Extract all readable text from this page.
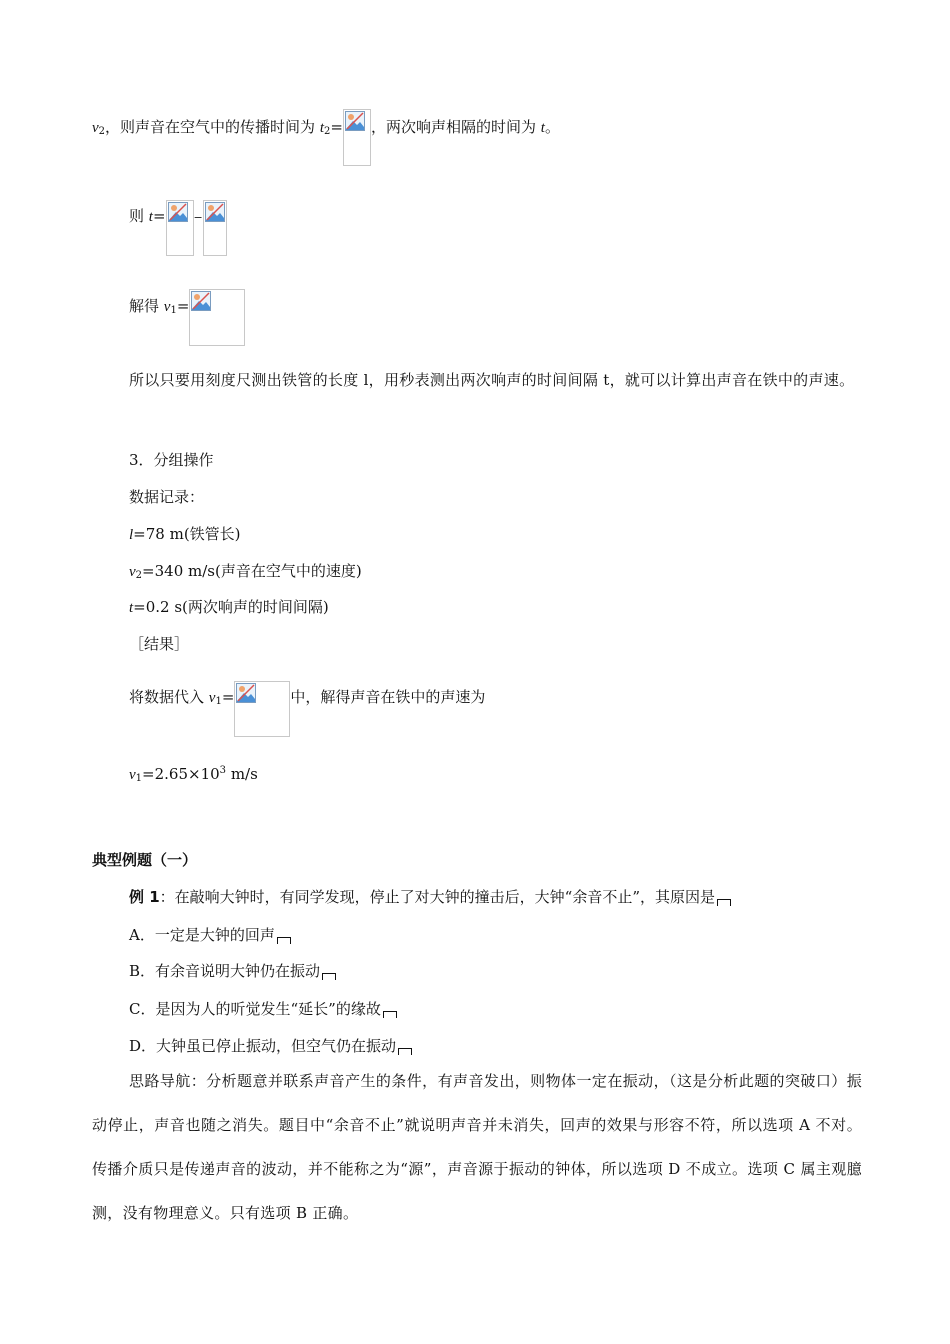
$v_2$，则声音在空气中的传播时间为 $t_2=$ ，两次响声相隔的时间为 t。
则 t=	−
解得 $v_1=$
所以只要用刻度尺测出铁管的长度 l，用秒表测出两次响声的时间间隔 t，就可以计算出声音在铁中的声速。
3．分组操作
数据记录：
l=78 m(铁管长)
$v_2=340$ m/s(声音在空气中的速度)
t=0.2 s(两次响声的时间间隔)
［结果］
将数据代入 $v_1=$	中，解得声音在铁中的声速为
$v_1=2.65\times 10^3$ m/s
典型例题（一）
例 1：在敲响大钟时，有同学发现，停止了对大钟的撞击后，大钟“余音不止”，其原因是
A．一定是大钟的回声
B．有余音说明大钟仍在振动
C．是因为人的听觉发生“延长”的缘故
D．大钟虽已停止振动，但空气仍在振动
思路导航：分析题意并联系声音产生的条件，有声音发出，则物体一定在振动，（这是分析此题的突破口）振动停止，声音也随之消失。题目中“余音不止”就说明声音并未消失，回声的效果与形容不符，所以选项 A 不对。传播介质只是传递声音的波动，并不能称之为“源”，声音源于振动的钟体，所以选项 D 不成立。选项 C 属主观臆测，没有物理意义。只有选项 B 正确。
